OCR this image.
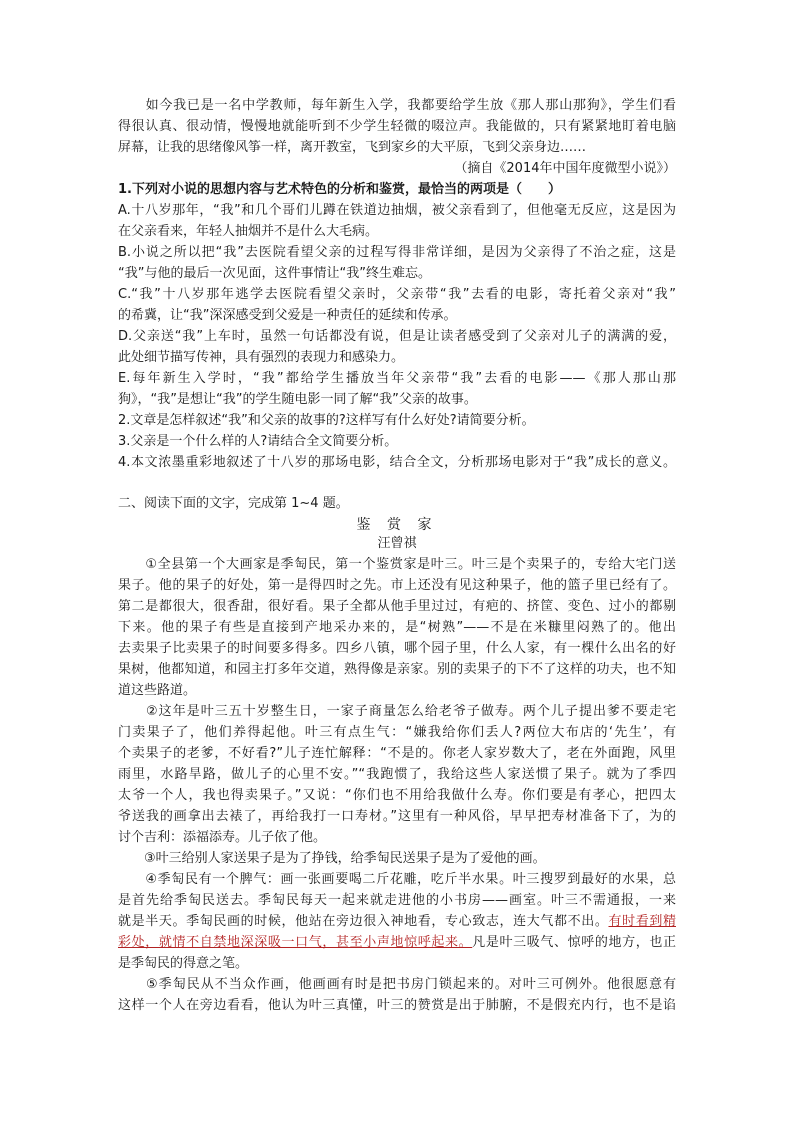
　　如今我已是一名中学教师，每年新生入学，我都要给学生放《那人那山那狗》，学生们看
得很认真、很动情，慢慢地就能听到不少学生轻微的啜泣声。我能做的，只有紧紧地盯着电脑
屏幕，让我的思绪像风筝一样，离开教室，飞到家乡的大平原，飞到父亲身边……
（摘自《2014年中国年度微型小说》）
1.下列对小说的思想内容与艺术特色的分析和鉴赏，最恰当的两项是（　　）
A.十八岁那年，“我”和几个哥们儿蹲在铁道边抽烟，被父亲看到了，但他毫无反应，这是因为
在父亲看来，年轻人抽烟并不是什么大毛病。
B.小说之所以把“我”去医院看望父亲的过程写得非常详细，是因为父亲得了不治之症，这是
“我”与他的最后一次见面，这件事情让“我”终生难忘。
C.“我”十八岁那年逃学去医院看望父亲时，父亲带“我”去看的电影，寄托着父亲对“我”
的希冀，让“我”深深感受到父爱是一种责任的延续和传承。
D.父亲送“我”上车时，虽然一句话都没有说，但是让读者感受到了父亲对儿子的满满的爱，
此处细节描写传神，具有强烈的表现力和感染力。
E.每年新生入学时，“我”都给学生播放当年父亲带“我”去看的电影——《那人那山那
狗》，“我”是想让“我”的学生随电影一同了解“我”父亲的故事。
2.文章是怎样叙述“我”和父亲的故事的?这样写有什么好处?请简要分析。
3.父亲是一个什么样的人?请结合全文简要分析。
4.本文浓墨重彩地叙述了十八岁的那场电影，结合全文，分析那场电影对于“我”成长的意义。
二、阅读下面的文字，完成第 1~4 题。
鉴 赏 家
汪曾祺
　　①全县第一个大画家是季匋民，第一个鉴赏家是叶三。叶三是个卖果子的，专给大宅门送
果子。他的果子的好处，第一是得四时之先。市上还没有见这种果子，他的篮子里已经有了。
第二是都很大，很香甜，很好看。果子全都从他手里过过，有疤的、挤筐、变色、过小的都剔
下来。他的果子有些是直接到产地采办来的，是“树熟”——不是在米糠里闷熟了的。他出
去卖果子比卖果子的时间要多得多。四乡八镇，哪个园子里，什么人家，有一棵什么出名的好
果树，他都知道，和园主打多年交道，熟得像是亲家。别的卖果子的下不了这样的功夫，也不知
道这些路道。
　　②这年是叶三五十岁整生日，一家子商量怎么给老爷子做寿。两个儿子提出爹不要走宅
门卖果子了，他们养得起他。叶三有点生气：“嫌我给你们丢人?两位大布店的‘先生’，有
个卖果子的老爹，不好看?”儿子连忙解释：“不是的。你老人家岁数大了，老在外面跑，风里
雨里，水路旱路，做儿子的心里不安。”“我跑惯了，我给这些人家送惯了果子。就为了季四
太爷一个人，我也得卖果子。”又说：“你们也不用给我做什么寿。你们要是有孝心，把四太
爷送我的画拿出去裱了，再给我打一口寿材。”这里有一种风俗，早早把寿材准备下了，为的
讨个吉利：添福添寿。儿子依了他。
　　③叶三给别人家送果子是为了挣钱，给季匋民送果子是为了爱他的画。
　　④季匋民有一个脾气：画一张画要喝二斤花雕，吃斤半水果。叶三搜罗到最好的水果，总
是首先给季匋民送去。季匋民每天一起来就走进他的小书房——画室。叶三不需通报，一来
就是半天。季匋民画的时候，他站在旁边很入神地看，专心致志，连大气都不出。有时看到精
彩处，就情不自禁地深深吸一口气，甚至小声地惊呼起来。凡是叶三吸气、惊呼的地方，也正
是季匋民的得意之笔。
　　⑤季匋民从不当众作画，他画画有时是把书房门锁起来的。对叶三可例外。他很愿意有
这样一个人在旁边看看，他认为叶三真懂，叶三的赞赏是出于肺腑，不是假充内行，也不是谄
